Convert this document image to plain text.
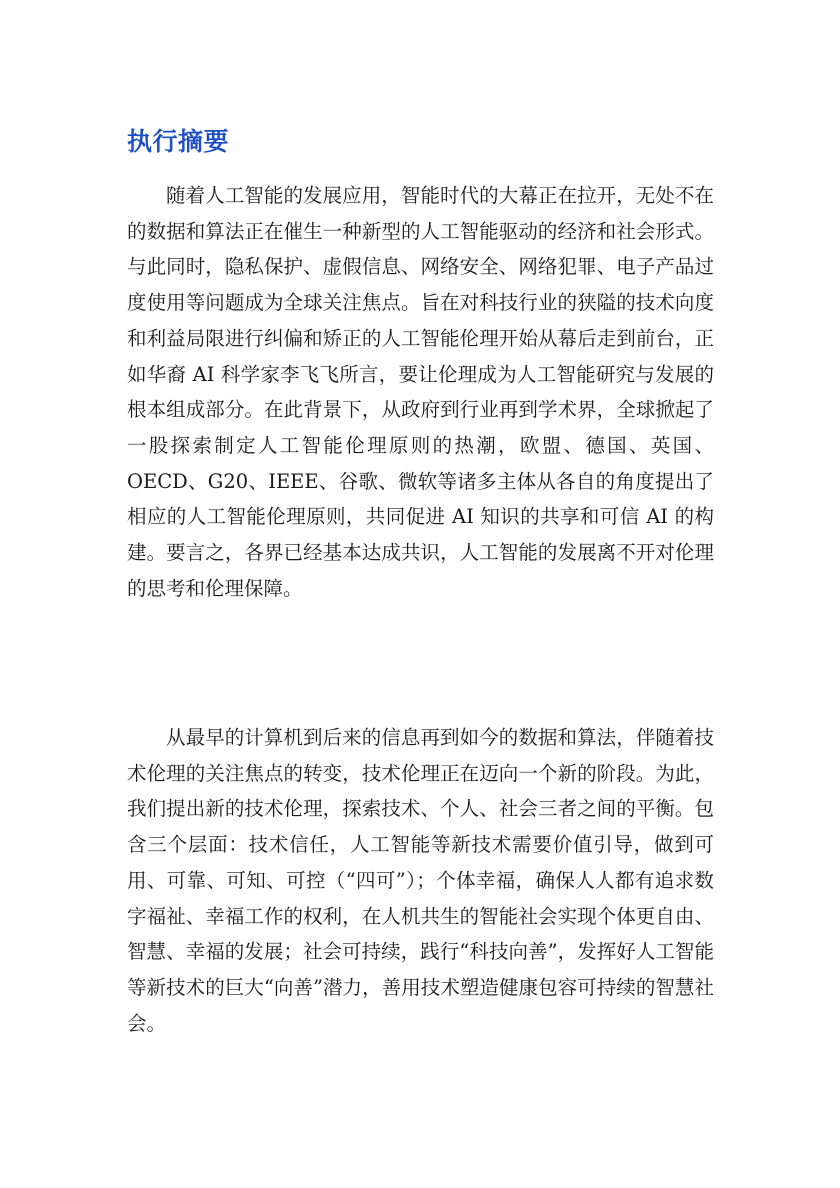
执行摘要

随着人工智能的发展应用，智能时代的大幕正在拉开，无处不在的数据和算法正在催生一种新型的人工智能驱动的经济和社会形式。与此同时，隐私保护、虚假信息、网络安全、网络犯罪、电子产品过度使用等问题成为全球关注焦点。旨在对科技行业的狭隘的技术向度和利益局限进行纠偏和矫正的人工智能伦理开始从幕后走到前台，正如华裔 AI 科学家李飞飞所言，要让伦理成为人工智能研究与发展的根本组成部分。在此背景下，从政府到行业再到学术界，全球掀起了一股探索制定人工智能伦理原则的热潮，欧盟、德国、英国、OECD、G20、IEEE、谷歌、微软等诸多主体从各自的角度提出了相应的人工智能伦理原则，共同促进 AI 知识的共享和可信 AI 的构建。要言之，各界已经基本达成共识，人工智能的发展离不开对伦理的思考和伦理保障。

从最早的计算机到后来的信息再到如今的数据和算法，伴随着技术伦理的关注焦点的转变，技术伦理正在迈向一个新的阶段。为此，我们提出新的技术伦理，探索技术、个人、社会三者之间的平衡。包含三个层面：技术信任，人工智能等新技术需要价值引导，做到可用、可靠、可知、可控（“四可”）；个体幸福，确保人人都有追求数字福祉、幸福工作的权利，在人机共生的智能社会实现个体更自由、智慧、幸福的发展；社会可持续，践行“科技向善”，发挥好人工智能等新技术的巨大“向善”潜力，善用技术塑造健康包容可持续的智慧社会。
